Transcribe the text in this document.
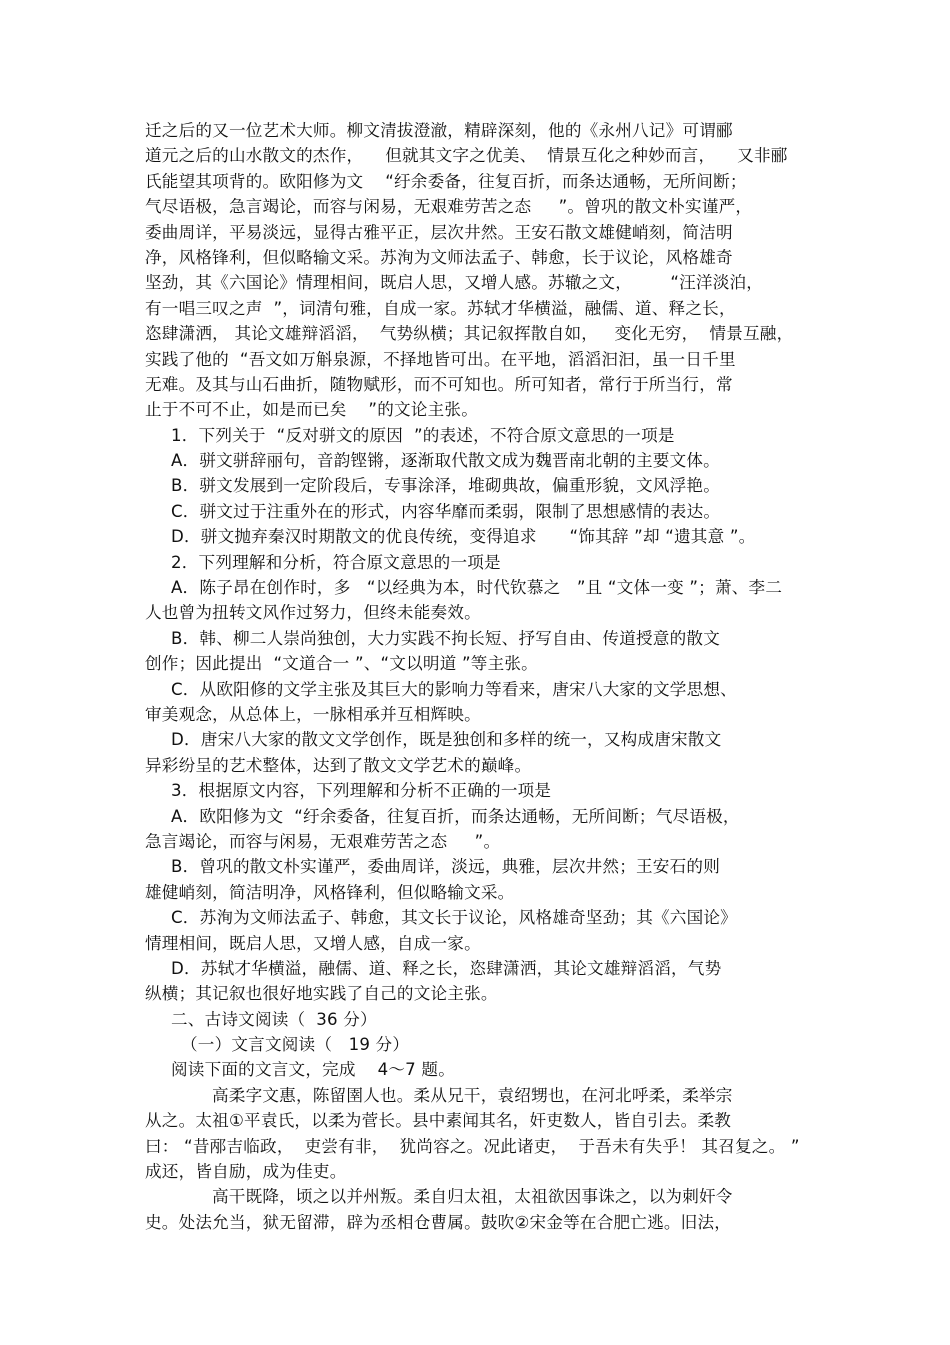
迁之后的又一位艺术大师。柳文清拔澄澈，精辟深刻，他的《永州八记》可谓郦
道元之后的山水散文的杰作，    但就其文字之优美、  情景互化之种妙而言，    又非郦
氏能望其项背的。欧阳修为文    “纡余委备，往复百折，而条达通畅，无所间断；
气尽语极，急言竭论，而容与闲易，无艰难劳苦之态     ”。曾巩的散文朴实谨严，
委曲周详，平易淡远，显得古雅平正，层次井然。王安石散文雄健峭刻，简洁明
净，风格锋利，但似略输文采。苏洵为文师法孟子、韩愈，长于议论，风格雄奇
坚劲，其《六国论》情理相间，既启人思，又增人感。苏辙之文，       “汪洋淡泊，
有一唱三叹之声  ”，词清句雅，自成一家。苏轼才华横溢，融儒、道、释之长，
恣肆潇洒， 其论文雄辩滔滔，  气势纵横；其记叙挥散自如，   变化无穷，  情景互融，
实践了他的  “吾文如万斛泉源，不择地皆可出。在平地，滔滔汩汩，虽一日千里
无难。及其与山石曲折，随物赋形，而不可知也。所可知者，常行于所当行，常
止于不可不止，如是而已矣    ”的文论主张。
1．下列关于  “反对骈文的原因  ”的表述，不符合原文意思的一项是
A．骈文骈辞丽句，音韵铿锵，逐渐取代散文成为魏晋南北朝的主要文体。
B．骈文发展到一定阶段后，专事涂泽，堆砌典故，偏重形貌，文风浮艳。
C．骈文过于注重外在的形式，内容华靡而柔弱，限制了思想感情的表达。
D．骈文抛弃秦汉时期散文的优良传统，变得追求      “饰其辞 ”却 “遗其意 ”。
2．下列理解和分析，符合原文意思的一项是
A．陈子昂在创作时，多   “以经典为本，时代钦慕之   ”且 “文体一变 ”；萧、李二
人也曾为扭转文风作过努力，但终未能奏效。
B．韩、柳二人崇尚独创，大力实践不拘长短、抒写自由、传道授意的散文
创作；因此提出  “文道合一 ”、“文以明道 ”等主张。
C．从欧阳修的文学主张及其巨大的影响力等看来，唐宋八大家的文学思想、
审美观念，从总体上，一脉相承并互相辉映。
D．唐宋八大家的散文文学创作，既是独创和多样的统一，又构成唐宋散文
异彩纷呈的艺术整体，达到了散文文学艺术的巅峰。
3．根据原文内容，下列理解和分析不正确的一项是
A．欧阳修为文  “纡余委备，往复百折，而条达通畅，无所间断；气尽语极，
急言竭论，而容与闲易，无艰难劳苦之态     ”。
B．曾巩的散文朴实谨严，委曲周详，淡远，典雅，层次井然；王安石的则
雄健峭刻，简洁明净，风格锋利，但似略输文采。
C．苏洵为文师法孟子、韩愈，其文长于议论，风格雄奇坚劲；其《六国论》
情理相间，既启人思，又增人感，自成一家。
D．苏轼才华横溢，融儒、道、释之长，恣肆潇洒，其论文雄辩滔滔，气势
纵横；其记叙也很好地实践了自己的文论主张。
二、古诗文阅读（  36 分）
（一）文言文阅读（   19 分）
阅读下面的文言文，完成    4～7 题。
高柔字文惠，陈留圉人也。柔从兄干，袁绍甥也，在河北呼柔，柔举宗
从之。太祖①平袁氏，以柔为菅长。县中素闻其名，奸吏数人，皆自引去。柔教
曰： “昔邴吉临政，  吏尝有非，  犹尚容之。况此诸吏，  于吾未有失乎！ 其召复之。 ”
成还，皆自励，成为佳吏。
高干既降，顷之以并州叛。柔自归太祖，太祖欲因事诛之，以为刺奸令
史。处法允当，狱无留滞，辟为丞相仓曹属。鼓吹②宋金等在合肥亡逃。旧法，
